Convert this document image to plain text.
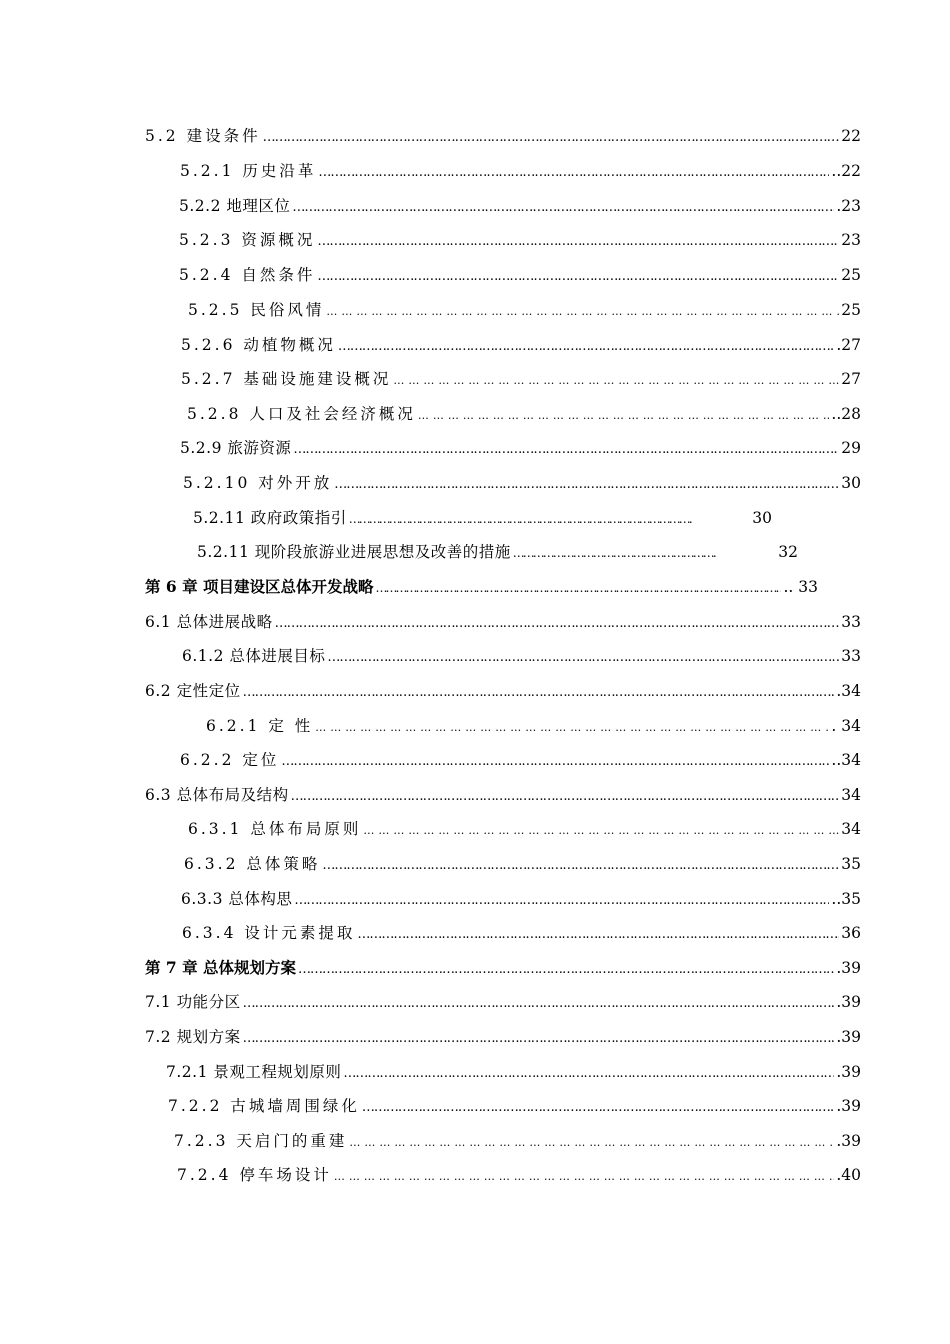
5.2 建设条件 ……………………………………………………………………………………………………………………………………………………………………………………………………………………………………	22
5.2.1 历史沿革 ……………………………………………………………………………………………………………………………………………………………………………………………………………………………………	..22
5.2.2 地理区位 ……………………………………………………………………………………………………………………………………………………………………………………………………………………………………	.23
5.2.3 资源概况 ……………………………………………………………………………………………………………………………………………………………………………………………………………………………………	23
5.2.4 自然条件 ……………………………………………………………………………………………………………………………………………………………………………………………………………………………………	25
5.2.5 民俗风情 ……………………………………………………………………………………………………………………………………………………………………………………………………………………………………	25
5.2.6 动植物概况 ……………………………………………………………………………………………………………………………………………………………………………………………………………………………………	.27
5.2.7 基础设施建设概况 ……………………………………………………………………………………………………………………………………………………………………………………………………………………………………	27
5.2.8 人口及社会经济概况 ……………………………………………………………………………………………………………………………………………………………………………………………………………………………………	..28
5.2.9 旅游资源 ……………………………………………………………………………………………………………………………………………………………………………………………………………………………………	29
5.2.10 对外开放 ……………………………………………………………………………………………………………………………………………………………………………………………………………………………………	30
5.2.11 政府政策指引 ……………………………………………………………………………………………………………………………………………………………………………………………………………………………………	30
5.2.11 现阶段旅游业进展思想及改善的措施 ……………………………………………………………………………………………………………………………………………………………………………………………………………………………………	32
第 6 章 项目建设区总体开发战略 ……………………………………………………………………………………………………………………………………………………………………………………………………………………………………	.. 33
6.1 总体进展战略 ……………………………………………………………………………………………………………………………………………………………………………………………………………………………………	33
6.1.2 总体进展目标 ……………………………………………………………………………………………………………………………………………………………………………………………………………………………………	33
6.2 定性定位 ……………………………………………………………………………………………………………………………………………………………………………………………………………………………………	.34
6.2.1 定 性 ……………………………………………………………………………………………………………………………………………………………………………………………………………………………………	. 34
6.2.2 定位 ……………………………………………………………………………………………………………………………………………………………………………………………………………………………………	..34
6.3 总体布局及结构 ……………………………………………………………………………………………………………………………………………………………………………………………………………………………………	34
6.3.1 总体布局原则 ……………………………………………………………………………………………………………………………………………………………………………………………………………………………………	34
6.3.2 总体策略 ……………………………………………………………………………………………………………………………………………………………………………………………………………………………………	35
6.3.3 总体构思 ……………………………………………………………………………………………………………………………………………………………………………………………………………………………………	..35
6.3.4 设计元素提取 ……………………………………………………………………………………………………………………………………………………………………………………………………………………………………	36
第 7 章 总体规划方案 ……………………………………………………………………………………………………………………………………………………………………………………………………………………………………	.39
7.1 功能分区 ……………………………………………………………………………………………………………………………………………………………………………………………………………………………………	.39
7.2 规划方案 ……………………………………………………………………………………………………………………………………………………………………………………………………………………………………	.39
7.2.1 景观工程规划原则 ……………………………………………………………………………………………………………………………………………………………………………………………………………………………………	.39
7.2.2 古城墙周围绿化 ……………………………………………………………………………………………………………………………………………………………………………………………………………………………………	.39
7.2.3 天启门的重建 ……………………………………………………………………………………………………………………………………………………………………………………………………………………………………	.39
7.2.4 停车场设计 ……………………………………………………………………………………………………………………………………………………………………………………………………………………………………	.40
